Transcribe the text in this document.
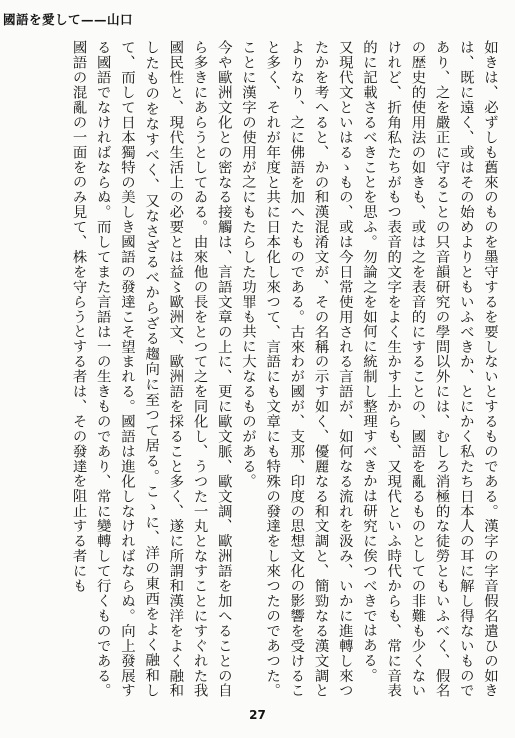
國語を愛して——山口

如きは、必ずしも舊來のものを墨守するを要しないとするものである。漢字の字音假名遣ひの如きは、既に遠く、或はその始めよりともいふべきか、とにかく私たち日本人の耳に解し得ないものであり、之を嚴正に守ることの只音韻研究の學問以外には、むしろ消極的な徒勞ともいふべく、假名の歴史的使用法の如きも、或は之を表音的にすることの、國語を亂るものとしての非難も少くないけれど、折角私たちがもつ表音的文字をよく生かす上からも、又現代といふ時代からも、常に音表的に記載さるべきことを思ふ。勿論之を如何に統制し整理すべきかは研究に俟つべきではある。

又現代文といはるゝもの、或は今日常使用される言語が、如何なる流れを汲み、いかに進轉し來つたかを考へると、かの和漢混淆文が、その名稱の示す如く、優麗なる和文調と、簡勁なる漢文調とよりなり、之に佛語を加へたものである。古來わが國が、支那、印度の思想文化の影響を受けること多く、それが年度と共に日本化し來つて、言語にも文章にも特殊の發達をし來つたのであつた。ことに漢字の使用が之にもたらした功罪も共に大なるものがある。

今や歐洲文化との密なる接觸は、言語文章の上に、更に歐文脈、歐文調、歐洲語を加へることの自ら多きにあらうとしてゐる。由來他の長をとつて之を同化し、うつた一丸となすことにすぐれた我國民性と、現代生活上の必要とは益〻歐洲文、歐洲語を採ること多く、遂に所謂和漢洋をよく融和したものをなすべく、又なさざるべからざる趨向に至つて居る。こゝに、洋の東西をよく融和して、而して日本獨特の美しき國語の發達こそ望まれる。國語は進化しなければならぬ。向上發展する國語でなければならぬ。而してまた言語は一の生きものであり、常に變轉して行くものである。國語の混亂の一面をのみ見て、株を守らうとする者は、その發達を阻止する者にも

27
